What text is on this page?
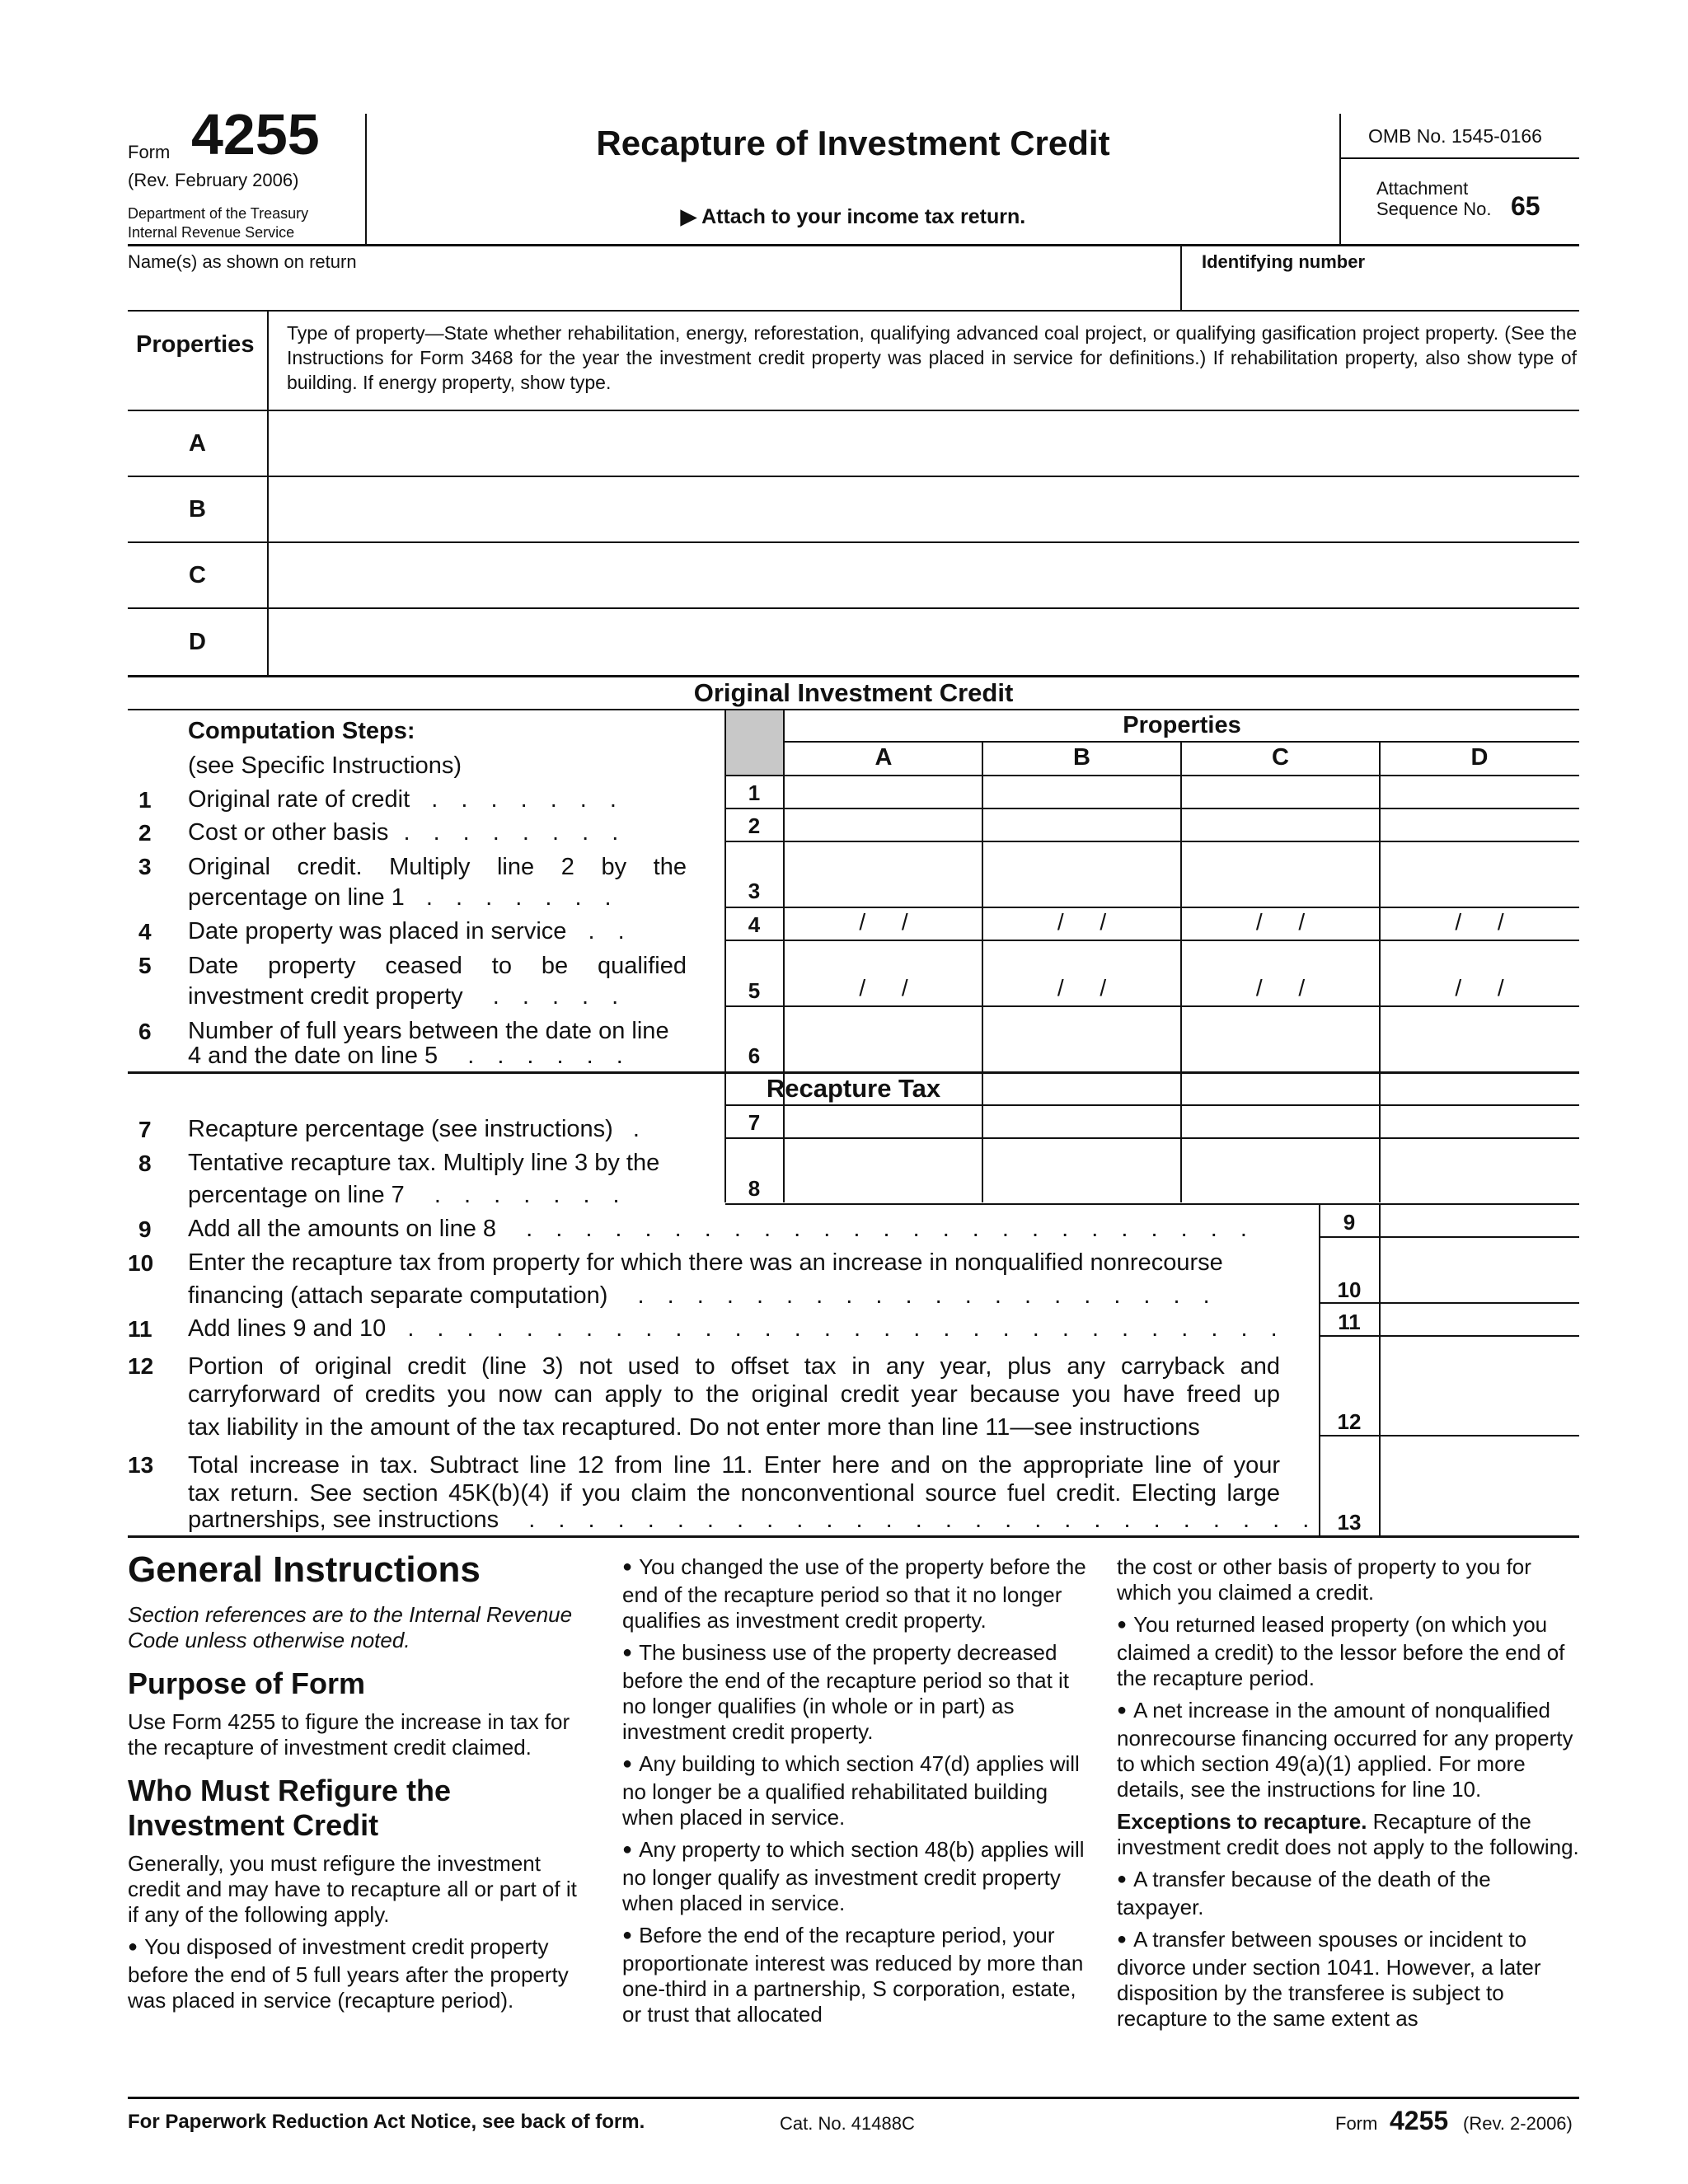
Form 4255
(Rev. February 2006)
Department of the Treasury
Internal Revenue Service
Recapture of Investment Credit
▶ Attach to your income tax return.
OMB No. 1545-0166
Attachment
Sequence No. 65
Name(s) as shown on return	Identifying number
Properties Type of property—State whether rehabilitation, energy, reforestation, qualifying advanced coal project, or qualifying gasification project property. (See the Instructions for Form 3468 for the year the investment credit property was placed in service for definitions.) If rehabilitation property, also show type of building. If energy property, show type.
A
B
C
D
Original Investment Credit
Computation Steps:
(see Specific Instructions)
Properties
A	B	C	D
1 Original rate of credit . . . . . . .	1
2 Cost or other basis . . . . . . . .	2
3 Original credit. Multiply line 2 by the
percentage on line 1 . . . . . . .	3
4 Date property was placed in service . .	4	/ /	/ /	/ /	/ /
5 Date property ceased to be qualified
investment credit property . . . . .	5	/ /	/ /	/ /	/ /
6 Number of full years between the date on line
4 and the date on line 5 . . . . . .	6
Recapture Tax
7 Recapture percentage (see instructions) .	7
8 Tentative recapture tax. Multiply line 3 by the
percentage on line 7 . . . . . . .	8
9 Add all the amounts on line 8 . . . . . . . . . . . . . . . . . . . . . . . . .	9
10 Enter the recapture tax from property for which there was an increase in nonqualified nonrecourse
financing (attach separate computation) . . . . . . . . . . . . . . . . . . . .	10
11 Add lines 9 and 10 . . . . . . . . . . . . . . . . . . . . . . . . . . . . . .	11
12 Portion of original credit (line 3) not used to offset tax in any year, plus any carryback and
carryforward of credits you now can apply to the original credit year because you have freed up
tax liability in the amount of the tax recaptured. Do not enter more than line 11—see instructions	12
13 Total increase in tax. Subtract line 12 from line 11. Enter here and on the appropriate line of your
tax return. See section 45K(b)(4) if you claim the nonconventional source fuel credit. Electing large
partnerships, see instructions . . . . . . . . . . . . . . . . . . . . . . . . . . . 13
General Instructions

Section references are to the Internal Revenue Code unless otherwise noted.

Purpose of Form

Use Form 4255 to figure the increase in tax for the recapture of investment credit claimed.

Who Must Refigure the Investment Credit

Generally, you must refigure the investment credit and may have to recapture all or part of it if any of the following apply.

● You disposed of investment credit property before the end of 5 full years after the property was placed in service (recapture period).

● You changed the use of the property before the end of the recapture period so that it no longer qualifies as investment credit property.

● The business use of the property decreased before the end of the recapture period so that it no longer qualifies (in whole or in part) as investment credit property.

● Any building to which section 47(d) applies will no longer be a qualified rehabilitated building when placed in service.

● Any property to which section 48(b) applies will no longer qualify as investment credit property when placed in service.

● Before the end of the recapture period, your proportionate interest was reduced by more than one-third in a partnership, S corporation, estate, or trust that allocated

the cost or other basis of property to you for which you claimed a credit.

● You returned leased property (on which you claimed a credit) to the lessor before the end of the recapture period.

● A net increase in the amount of nonqualified nonrecourse financing occurred for any property to which section 49(a)(1) applied. For more details, see the instructions for line 10.

Exceptions to recapture. Recapture of the investment credit does not apply to the following.

● A transfer because of the death of the taxpayer.

● A transfer between spouses or incident to divorce under section 1041. However, a later disposition by the transferee is subject to recapture to the same extent as

For Paperwork Reduction Act Notice, see back of form.	Cat. No. 41488C	Form 4255 (Rev. 2-2006)
